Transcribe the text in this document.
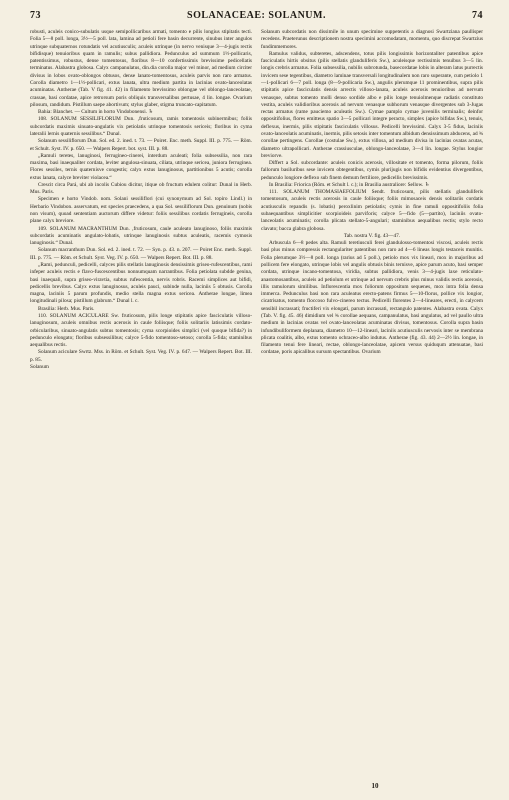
73	SOLANACEAE: SOLANUM.	74

robusti, aculeis conico-subulatis usque semipollicaribus armati, tomento e pilis longius stipitatis tecti. Folia 5—8 poll. longa, 3½—5 poll. lata, lamina ad petioli fere basin decurrente, sinubus inter angulos utrinque subquaternos rotundatis vel acutiusculis; aculeis utrinque (in nervo venisque 3—4-jugis rectis bifidisque) tenuioribus quam in ramulis; subus pallidiora. Pedunculus ad summum 1½-pollicaris, patentissimus, robustus, dense tomentosus, floribus 8—10 confertissimis brevissime pedicellatis terminatus. Alabastra globosa. Calyx campanulatus, din.dia corolla major vel minor, ad medium circiter divisus in lobos ovato-oblongos obtusos, dense lanato-tomentosus, aculeis parvis non raro armatus. Corolla diametro 1—1½-pollicari, extus lanata, ultra medium partita in lacinias ovato-lanceolatas acuminatas. Antherae (Tab. V fig. 41. 42) in filamento brevissimo oblongae vel oblongo-lanceolatae, crassae, basi cordatae, apice retrorsum poris obliquis transversalibus pertusae, 4 lin. longae. Ovarium pilosum, randidum. Pistillum saepe abortivum; stylus glaber, stigma truncato-capitatum.

Bahia: Blanchet. — Cultum in horto Vindobonensi. ♄

108. SOLANUM SESSILIFLORUM Dun. ,fruticosum, ramis tomentosis subinermibus; foliis subcordatis maximis sinuato-angulatis vix petiolatis utrinque tomentosis sericeis; floribus in cyma lateralii lernis quaternis sessilibus.“ Dunal.

Solanum sessiliflorum Dun. Sol. ed. 2. ined. t. 73. — Poiret. Enc. meth. Suppl. III. p. 775. — Röm. et Schult. Syst. IV. p. 650. — Walpers Repert. bot. syst. III. p. 88.

„Ramuli teretes, lanuginosi, ferrugineo-cinerei, interdum aculeati; folia subsessilia, non rara maxima, basi inaequaliter cordata, leviter angulosa-sinuata, ciliata, utrinque sericea, juniora ferruginea. Flores sessiles, ternis quaternisve congestis; calyx extus lanuginosus, partitionibus 5 acutis; corolla extus lanata, calyce breviter violacea.“

Crescit circa Pará, ubi ab incolis Cubiou dicitur, itique ob fructum edulem colitur: Dunal in Herb. Mus. Paris.

Specimen e horto Vindob. nom. Solani sessiliflori (cui synonymum ad Sol. topiro Lindl.) in Herbario Vindobon. asservatum, est species praecedens, a qua Sol. sessiliflorum Dun. genuinum (nobis non visum), quoad sententiam auctorum differe videtur: foliis sessilibus cordatis ferrugineis, corolla plane calyx breviore.

109. SOLANUM MACRANTHUM Dun. ,fruticosum, caule aculeato lanuginoso, foliis maximis subcordatis acuminatis angulato-lobatis, utrinque lanuginosis subtus aculeatis, racemis cymosis lanuginosis.“ Dunal.

Solanum macranthum Dun. Sol. ed. 2. ined. t. 72. — Syn. p. 43. n. 207. — Poiret Enc. meth. Suppl. III. p. 775. — Röm. et Schult. Syst. Veg. IV. p. 650. — Walpers Repert. Bot. III. p. 88.

„Rami, pedunculi, pedicelli, calyces pilis stellatis lanuginosis densissimis griseo-rufescentibus, rami infeper aculeis rectis e flavo-fuscescentibus nonnumquam narrantibus. Folia petiolata subdde genina, basi inaequali, supra griseo-viravtia, subtus rufescentia, nervis robris. Racemi simplices aut bifidi, pedicellis brevibus. Calyx extus lanuginosus, aculeis pauci, subinde nulla, laciniis 5 obtusis. Corolla magna, laciniis 5 parum profundis, medio stella magna extus sericea. Antherae longae, limea longitudinali pilosa; pistillum glabrum.“ Dunal l. c.

Brasilia: Herb. Mus. Paris.

110. SOLANUM ACICULARE Sw. fruticosum, pilis longe stipitatis apice fasciculatis villoso-lanuginosum, aculeis omnibus rectis acerosis in caule foliisque; foliis solitariis latissimis cordato-orbicularibus, sinuato-angulatis subtus tomentosis; cyma scorpioides simplici (vel quoque bifida?) in pedunculo elongato; floribus subsessilibus; calyce 5-fido tomentoso-setoso; corolla 5-fida; staminibus aequalibus rectis.

Solanum aciculare Swrtz. Mss. in Röm. et Schult. Syst. Veg. IV. p. 647. — Walpers Repert. Bot. III. p. 85.

Solanum

Solanum subcordatis non dissimile in unum specimine suppetentis a diagnosi Swartziana paullisper recedens. Praeterunus descriptionem nostra specimini accomodatam, momentu, quo discrepat Swartzius fundimmemores.

Ramulus validus, subteretes, adscendens, totus pilis longissimis horizontaliter patentibus apice fasciculatis hirtis obsitus (pilis stellatis glanduliferis Sw.), aculeisque rectissimis tenuibus 3—5 lin. longis crebris armatus. Folia subsessilia, nubilis subrotunda, basecordatae lobis in alteram latus purrectis invicem sese tegentibus, diametro laminae transversali longitudinalem non raro superante, cum petiolo 1—1-pollicari 6—7 poll. longa (8—9-pollicaria Sw.), angulis plerumque 11 prominentibus, supra pilis stipitatis apice fasciculatis densis arrectis villoso-lanata, aculeis acerosis tenuioribus ad nervum venasque, subtus tomento molli denso sordide albo e pilis longe tenuiolmenque radiatis constituto vestita, aculeis validioribus acerosis ad nervum venasque subhorum venasque divergentes sub 3-Jugas rectas armatus (rame pauciemo aculeatis Sw.). Cymae pamplo cymae juvenilis terminalis; deinfor oppositifolius, flores emitteus spatio 3—5 pollicari integre peracto, simplex (apice bifidas Sw.), tenuis, deflexus, inermis, pilis stipitatis fasciculatis villosus. Pedicelli brevissimi. Calyx 3-5 fidus, laciniis ovato-lanceolatis acuminatis, inermis, pilis setosis inter tomentum albidum densissimum abducens, ad ¾ corollae pertingens. Corollae (costulae Sw.), extus villosa, ad medium divisa in lacinias ovatas acutas, diametro ultrapollicari. Antherae crassiusculae, oblongo-lanceolatae, 3—4 lin. longae. Stylus longior breviorve.

Differt a Sol. subcordante: aculeis conicis acerosis, villositate et tomento, forma pilorum, foliis fallorum basiluribus sese invicem obtegentibus, cymis plurijugis non bifidis evidentius divergentibus, pedunculo longiore deflexo sub finem demum fertiliore, pedicellis brevissimis.

In Brasilia: Friorica (Röm. et Schult l. c.); in Brasilia australiore: Sellow. ♄

111. SOLANUM THOMASIAEFOLIUM Sendt. fruticosum, pilis stellatis glanduliferis tomentosum, aculeis rectis acerosis in caule foliisque; foliis mimosaceis densis solitariis cordatis acutiusculis repandis (s. lobatis) peroxlinim petiolatis; cymis in fine ramuli oppositifoliis folia subaequantibus simplicitier scorpioideis parviforis; calyce 5—fido (5—partito), laciniis ovato-lanceolatis acuminatis; corolla plicata stellato-5-angulari; staminibus aequalibus rectis; stylo recto clavato; bacca glabra globosa.

Tab. nostra V. fig. 43—47.

Arbuscula 6—8 pedes alta. Ramuli teretiusculi ferei glandulosso-tomentosi viscosi, aculeis rectis basi plus minus compressis rectangulariter patentibus non raro ad 4—6 lineas longis testaceis munitis. Folia plerumque 3½—8 poll. longa (rarius ad 5 poll.), petiolo mox vix lineari, mox in majoribus ad pollicem fere elongato, utrinque lobis vel angulis obtusis binis ternisve, apice parum acuto, basi semper cordata, utrinque incano-tomentosa, viridia, subtus pallidiora, venis 3—4-jugis laxe reticulato-anastomosantibus, aculeis ad petiolum et utrinque ad nervum crebris plus minus validis rectis acerosis, illis ramulorum similibus. Inflorescentia mox foliorum oppositum sequenes, mox intra folia densa immerca. Pedunculus basi non rara aculeatus erecto-patens firmus 5—10-florus, pollice vix longior, cicatrisatus, tomento floccoso fulvo-cinereo tectus. Pedicelli florentes 2—4-lineares, erecti, in calycem sensibil incrassati; fructiferi vix elongati, parum incrassati, rectangulo patentes. Alabastra ovata. Calyx (Tab. V. fig. 45. 46) dimidium vel ¾ corollae aequans, campanulatus, basi angulatus, ad vel paullo ultra medium in lacinias ovatas vel ovato-lanceolatas acuminatas divisus, tomentosus. Corolla supra basin infundibuliformem deplanata, diametro 10—12-lineari, laciniis acutiusculis nervosis inter se membrana plicata coalitis, albo, extus tomento ochraceo-albo indutus. Antherae (fig. 43. 44) 2—2½ lin. longae, in filamento tenui fere lineari, rectae, oblongo-lanceolatae, apicem versus quiduqum attenuatae, basi cordatae, poris apicalibus sursum spectantibus. Ovarium

10
